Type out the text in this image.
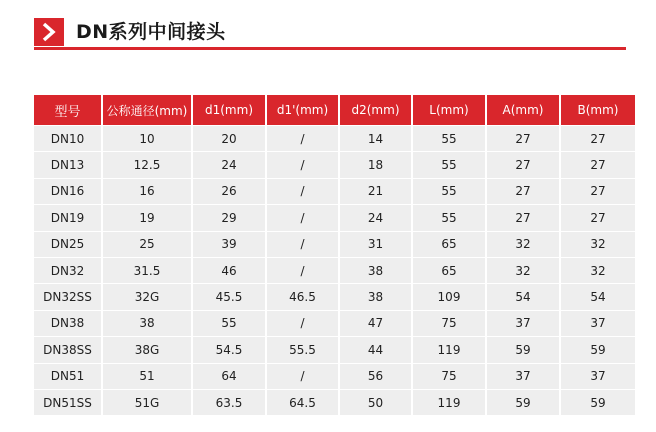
DN系列中间接头
型号	公称通径(mm)	d1(mm)	d1'(mm)	d2(mm)	L(mm)	A(mm)	B(mm)
DN10	10	20	/	14	55	27	27
DN13	12.5	24	/	18	55	27	27
DN16	16	26	/	21	55	27	27
DN19	19	29	/	24	55	27	27
DN25	25	39	/	31	65	32	32
DN32	31.5	46	/	38	65	32	32
DN32SS	32G	45.5	46.5	38	109	54	54
DN38	38	55	/	47	75	37	37
DN38SS	38G	54.5	55.5	44	119	59	59
DN51	51	64	/	56	75	37	37
DN51SS	51G	63.5	64.5	50	119	59	59
